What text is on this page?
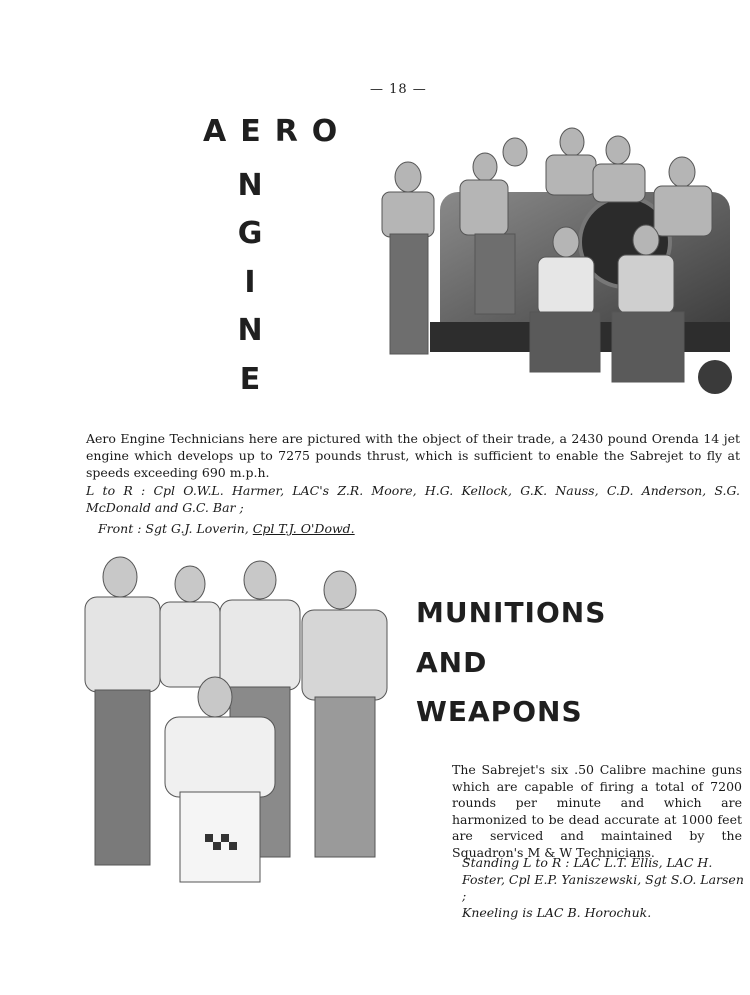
— 18 —
AERO
N
G
I
N
E
Aero Engine Technicians here are pictured with the object of their trade, a 2430 pound Orenda 14 jet engine which develops up to 7275 pounds thrust, which is sufficient to enable the Sabrejet to fly at speeds exceeding 690 m.p.h.
L to R : Cpl O.W.L. Harmer, LAC's Z.R. Moore, H.G. Kellock, G.K. Nauss, C.D. Anderson, S.G. McDonald and G.C. Bar ;
Front : Sgt G.J. Loverin, Cpl T.J. O'Dowd.
MUNITIONS
AND
WEAPONS
The Sabrejet's six .50 Calibre machine guns which are capable of firing a total of 7200 rounds per minute and which are harmonized to be dead accurate at 1000 feet are serviced and maintained by the Squadron's M & W Technicians.
Standing L to R : LAC L.T. Ellis, LAC H. Foster, Cpl E.P. Yaniszewski, Sgt S.O. Larsen ;
Kneeling is LAC B. Horochuk.
